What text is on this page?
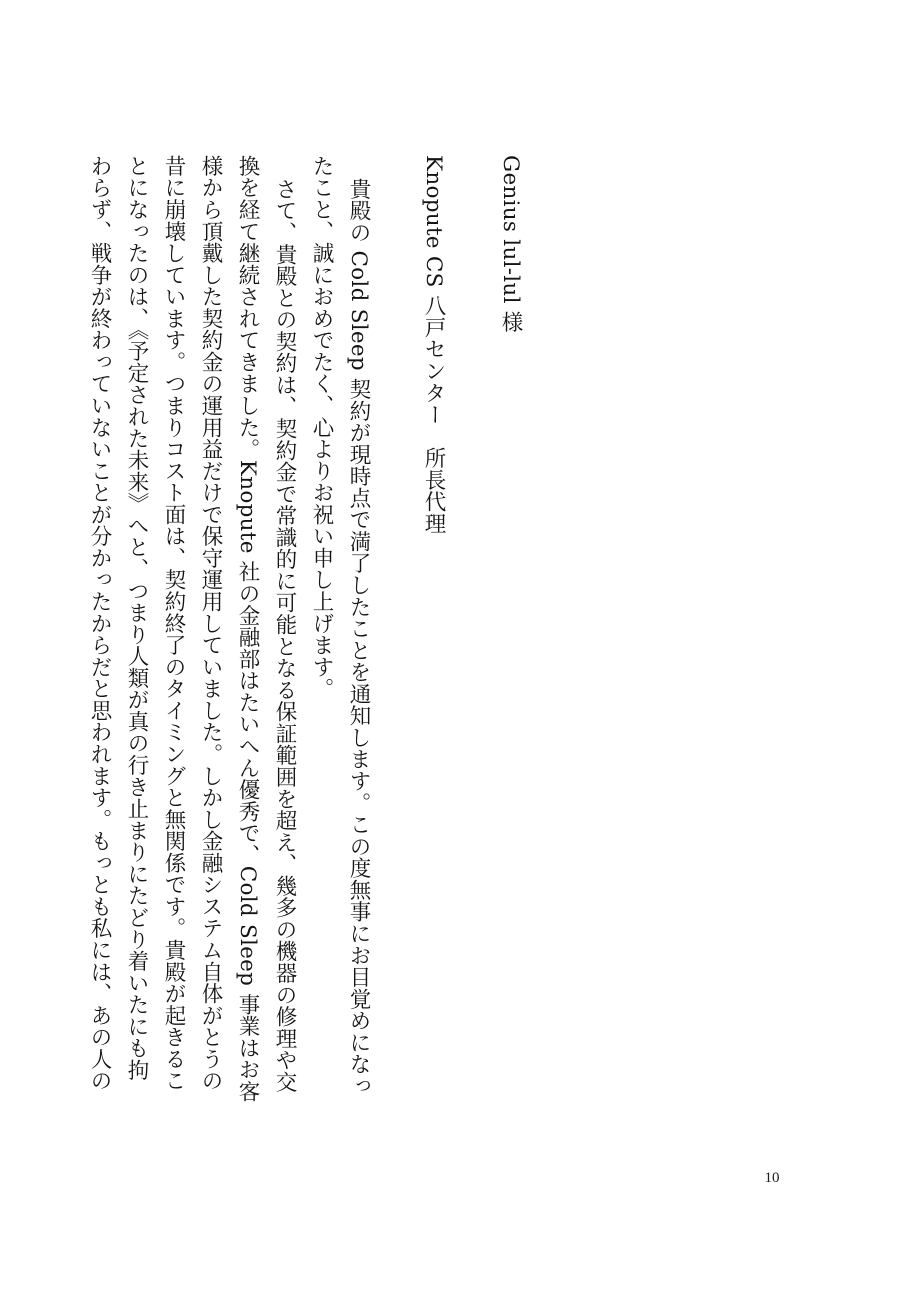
Genius lul-lul 様
Knopute CS 八戸センター　所長代理
貴殿の Cold Sleep 契約が現時点で満了したことを通知します。この度無事にお目覚めになっ
たこと、誠におめでたく、心よりお祝い申し上げます。
さて、貴殿との契約は、契約金で常識的に可能となる保証範囲を超え、幾多の機器の修理や交
換を経て継続されてきました。Knopute 社の金融部はたいへん優秀で、Cold Sleep 事業はお客
様から頂戴した契約金の運用益だけで保守運用していました。しかし金融システム自体がとうの
昔に崩壊しています。つまりコスト面は、契約終了のタイミングと無関係です。貴殿が起きるこ
とになったのは、《予定された未来》へと、つまり人類が真の行き止まりにたどり着いたにも拘
わらず、戦争が終わっていないことが分かったからだと思われます。もっとも私には、あの人の
10
